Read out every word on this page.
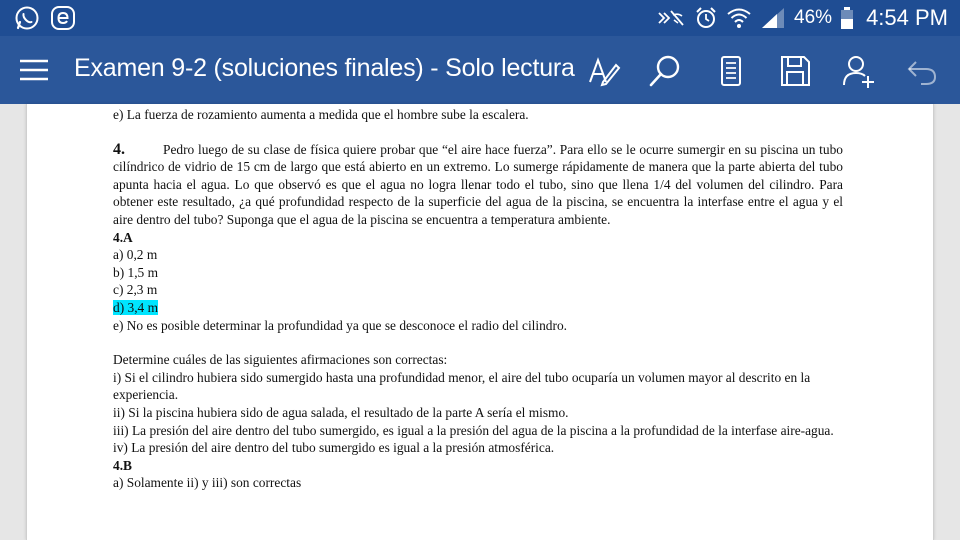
46% 4:54 PM
Examen 9-2 (soluciones finales) - Solo lectura

e) La fuerza de rozamiento aumenta a medida que el hombre sube la escalera.

4.	Pedro luego de su clase de física quiere probar que “el aire hace fuerza”. Para ello se le ocurre sumergir en su piscina un tubo cilíndrico de vidrio de 15 cm de largo que está abierto en un extremo. Lo sumerge rápidamente de manera que la parte abierta del tubo apunta hacia el agua. Lo que observó es que el agua no logra llenar todo el tubo, sino que llena 1/4 del volumen del cilindro. Para obtener este resultado, ¿a qué profundidad respecto de la superficie del agua de la piscina, se encuentra la interfase entre el agua y el aire dentro del tubo? Suponga que el agua de la piscina se encuentra a temperatura ambiente.

4.A

a) 0,2 m

b) 1,5 m

c) 2,3 m

d) 3,4 m

e) No es posible determinar la profundidad ya que se desconoce el radio del cilindro.

Determine cuáles de las siguientes afirmaciones son correctas:

i) Si el cilindro hubiera sido sumergido hasta una profundidad menor, el aire del tubo ocuparía un volumen mayor al descrito en la experiencia.

ii) Si la piscina hubiera sido de agua salada, el resultado de la parte A sería el mismo.

iii) La presión del aire dentro del tubo sumergido, es igual a la presión del agua de la piscina a la profundidad de la interfase aire-agua.

iv) La presión del aire dentro del tubo sumergido es igual a la presión atmosférica.

4.B

a) Solamente ii) y iii) son correctas
